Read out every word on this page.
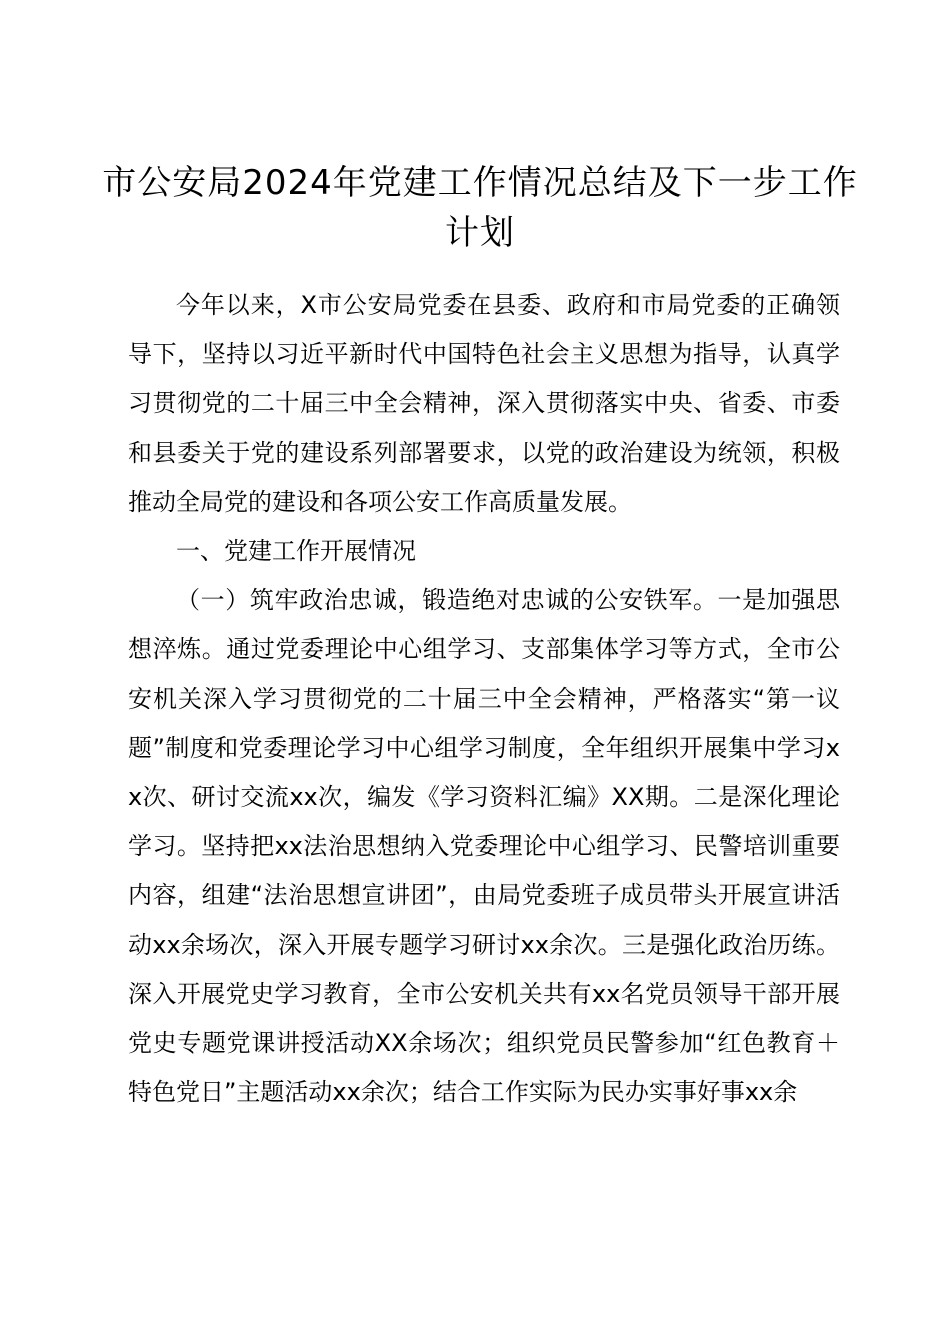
市公安局2024年党建工作情况总结及下一步工作计划

今年以来，X市公安局党委在县委、政府和市局党委的正确领导下，坚持以习近平新时代中国特色社会主义思想为指导，认真学习贯彻党的二十届三中全会精神，深入贯彻落实中央、省委、市委和县委关于党的建设系列部署要求，以党的政治建设为统领，积极推动全局党的建设和各项公安工作高质量发展。

一、党建工作开展情况

（一）筑牢政治忠诚，锻造绝对忠诚的公安铁军。一是加强思想淬炼。通过党委理论中心组学习、支部集体学习等方式，全市公安机关深入学习贯彻党的二十届三中全会精神，严格落实“第一议题”制度和党委理论学习中心组学习制度，全年组织开展集中学习xx次、研讨交流xx次，编发《学习资料汇编》XX期。二是深化理论学习。坚持把xx法治思想纳入党委理论中心组学习、民警培训重要内容，组建“法治思想宣讲团”，由局党委班子成员带头开展宣讲活动xx余场次，深入开展专题学习研讨xx余次。三是强化政治历练。深入开展党史学习教育，全市公安机关共有xx名党员领导干部开展党史专题党课讲授活动XX余场次；组织党员民警参加“红色教育＋特色党日”主题活动xx余次；结合工作实际为民办实事好事xx余
